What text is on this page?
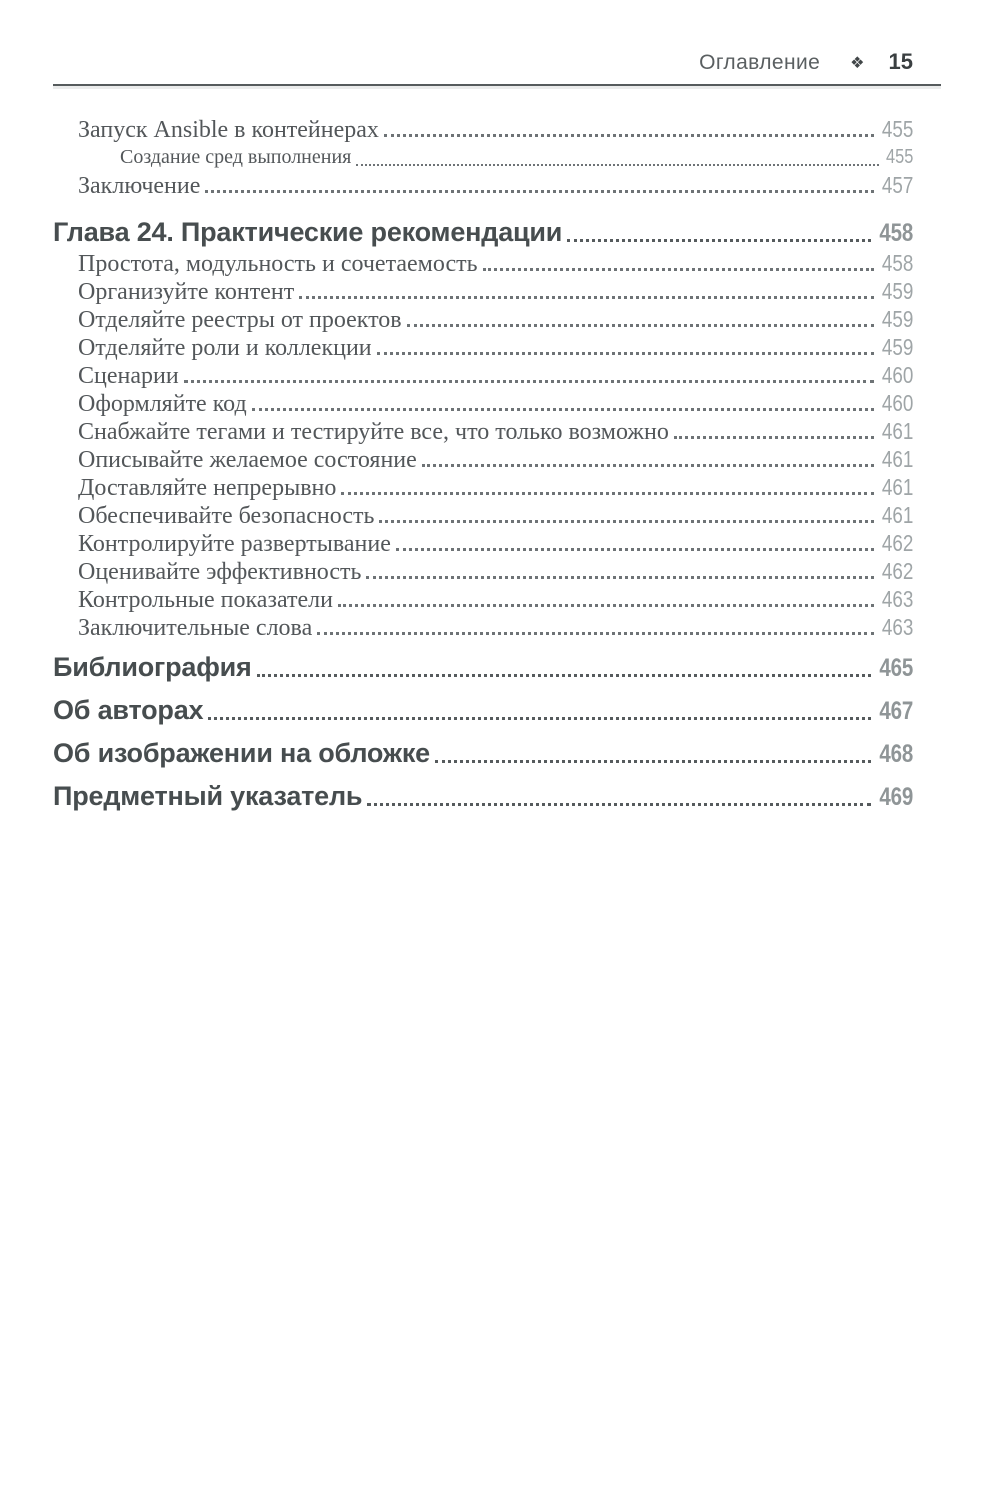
Оглавление ❖ 15
Запуск Ansible в контейнерах	455
Создание сред выполнения	455
Заключение	457
Глава 24. Практические рекомендации	458
Простота, модульность и сочетаемость	458
Организуйте контент	459
Отделяйте реестры от проектов	459
Отделяйте роли и коллекции	459
Сценарии	460
Оформляйте код	460
Снабжайте тегами и тестируйте все, что только возможно	461
Описывайте желаемое состояние	461
Доставляйте непрерывно	461
Обеспечивайте безопасность	461
Контролируйте развертывание	462
Оценивайте эффективность	462
Контрольные показатели	463
Заключительные слова	463
Библиография	465
Об авторах	467
Об изображении на обложке	468
Предметный указатель	469
